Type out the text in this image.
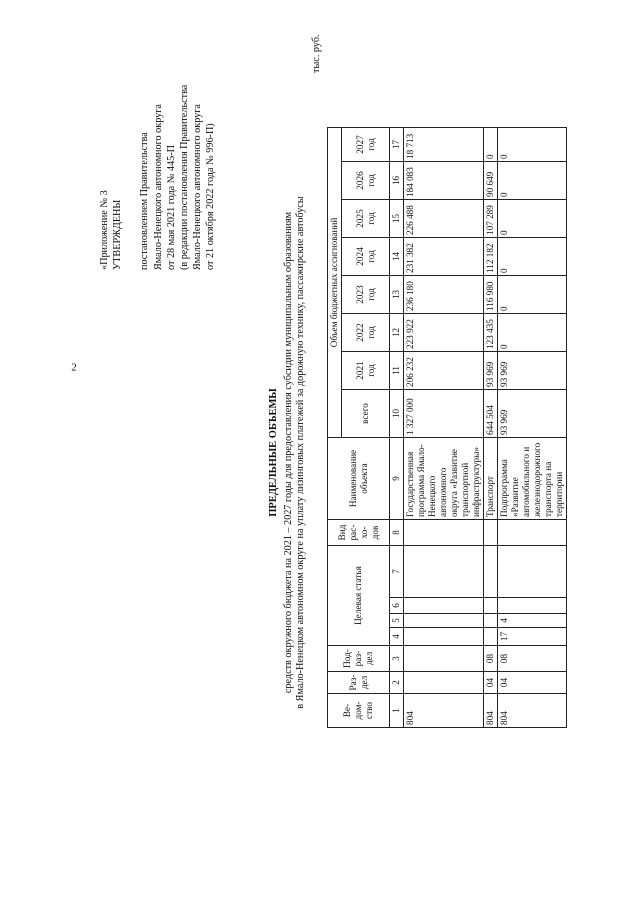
2
«Приложение № 3 УТВЕРЖДЕНЫ постановлением Правительства Ямало-Ненецкого автономного округа от 28 мая 2021 года № 445-П (в редакции постановления Правительства Ямало-Ненецкого автономного округа от 21 октября 2022 года № 996-П)
ПРЕДЕЛЬНЫЕ ОБЪЕМЫ средств окружного бюджета на 2021 – 2027 годы для предоставления субсидии муниципальным образованиям в Ямало-Ненецком автономном округе на уплату лизинговых платежей за дорожную технику, пассажирские автобусы
тыс. руб.
Ве-дом-ство	Раз-дел	Под-раз-дел	Целевая статья				Вид рас-хо-дов	Наименование объекта	Объем бюджетных ассигнований							
									всего	2021 год	2022 год	2023 год	2024 год	2025 год	2026 год	2027 год
1	2	3	4	5	6	7	8	9	10	11	12	13	14	15	16	17
804								Государственная программа Ямало-Ненецкого автономного округа «Развитие транспортной инфраструктуры»	1 327 000	206 232	223 922	236 180	231 382	226 488	184 083	18 713
804	04	08						Транспорт	644 504	93 969	123 435	116 980	112 182	107 289	90 649	0
804	04	08	17	4				Подпрограмма «Развитие автомобильного и железнодорожного транспорта на территории	93 969	93 969	0	0	0	0	0	0
